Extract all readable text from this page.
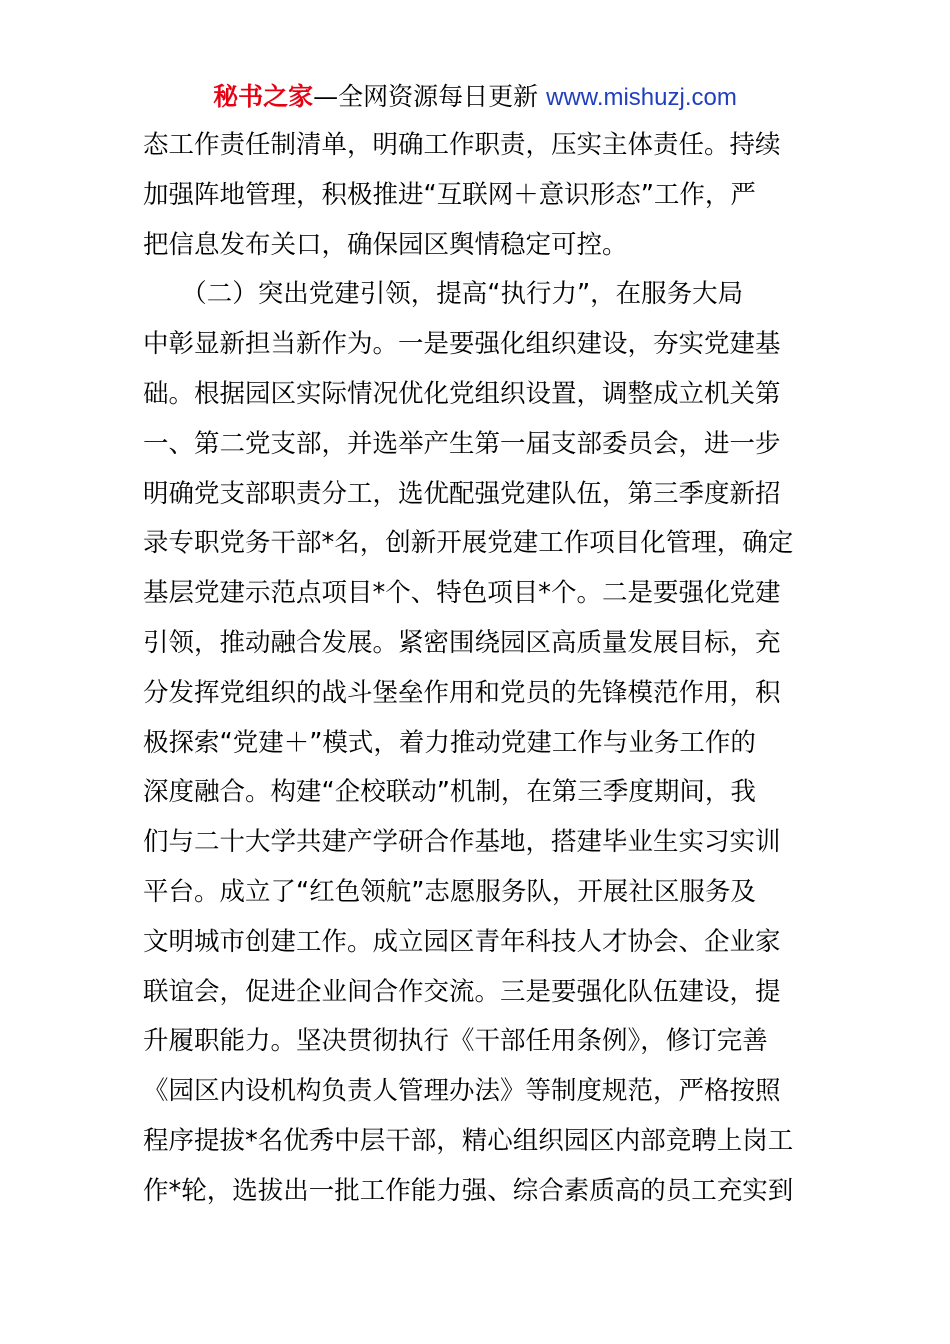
秘书之家—全网资源每日更新 www.mishuzj.com
态工作责任制清单，明确工作职责，压实主体责任。持续
加强阵地管理，积极推进“互联网＋意识形态”工作，严
把信息发布关口，确保园区舆情稳定可控。
　　（二）突出党建引领，提高“执行力”，在服务大局
中彰显新担当新作为。一是要强化组织建设，夯实党建基
础。根据园区实际情况优化党组织设置，调整成立机关第
一、第二党支部，并选举产生第一届支部委员会，进一步
明确党支部职责分工，选优配强党建队伍，第三季度新招
录专职党务干部*名，创新开展党建工作项目化管理，确定
基层党建示范点项目*个、特色项目*个。二是要强化党建
引领，推动融合发展。紧密围绕园区高质量发展目标，充
分发挥党组织的战斗堡垒作用和党员的先锋模范作用，积
极探索“党建＋”模式，着力推动党建工作与业务工作的
深度融合。构建“企校联动”机制，在第三季度期间，我
们与二十大学共建产学研合作基地，搭建毕业生实习实训
平台。成立了“红色领航”志愿服务队，开展社区服务及
文明城市创建工作。成立园区青年科技人才协会、企业家
联谊会，促进企业间合作交流。三是要强化队伍建设，提
升履职能力。坚决贯彻执行《干部任用条例》，修订完善
《园区内设机构负责人管理办法》等制度规范，严格按照
程序提拔*名优秀中层干部，精心组织园区内部竞聘上岗工
作*轮，选拔出一批工作能力强、综合素质高的员工充实到
